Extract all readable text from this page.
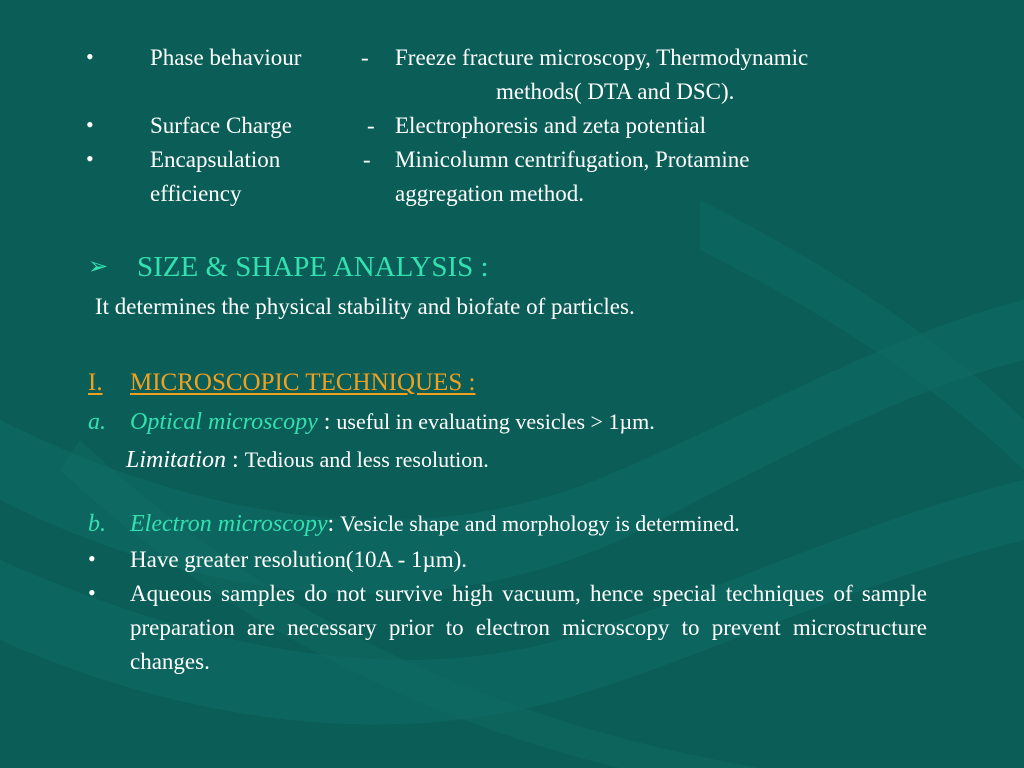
• Phase behaviour	- Freeze fracture microscopy, Thermodynamic
methods( DTA and DSC).
• Surface Charge	- Electrophoresis and zeta potential
• Encapsulation
efficiency
- Minicolumn centrifugation, Protamine
aggregation method.
➢ SIZE & SHAPE ANALYSIS :
It determines the physical stability and biofate of particles.
I. MICROSCOPIC TECHNIQUES :
a. Optical microscopy : useful in evaluating vesicles > 1µm.
Limitation : Tedious and less resolution.
b. Electron microscopy: Vesicle shape and morphology is determined.
• Have greater resolution(10A - 1µm).
• Aqueous samples do not survive high vacuum, hence special techniques of sample preparation are necessary prior to electron microscopy to prevent microstructure changes.
